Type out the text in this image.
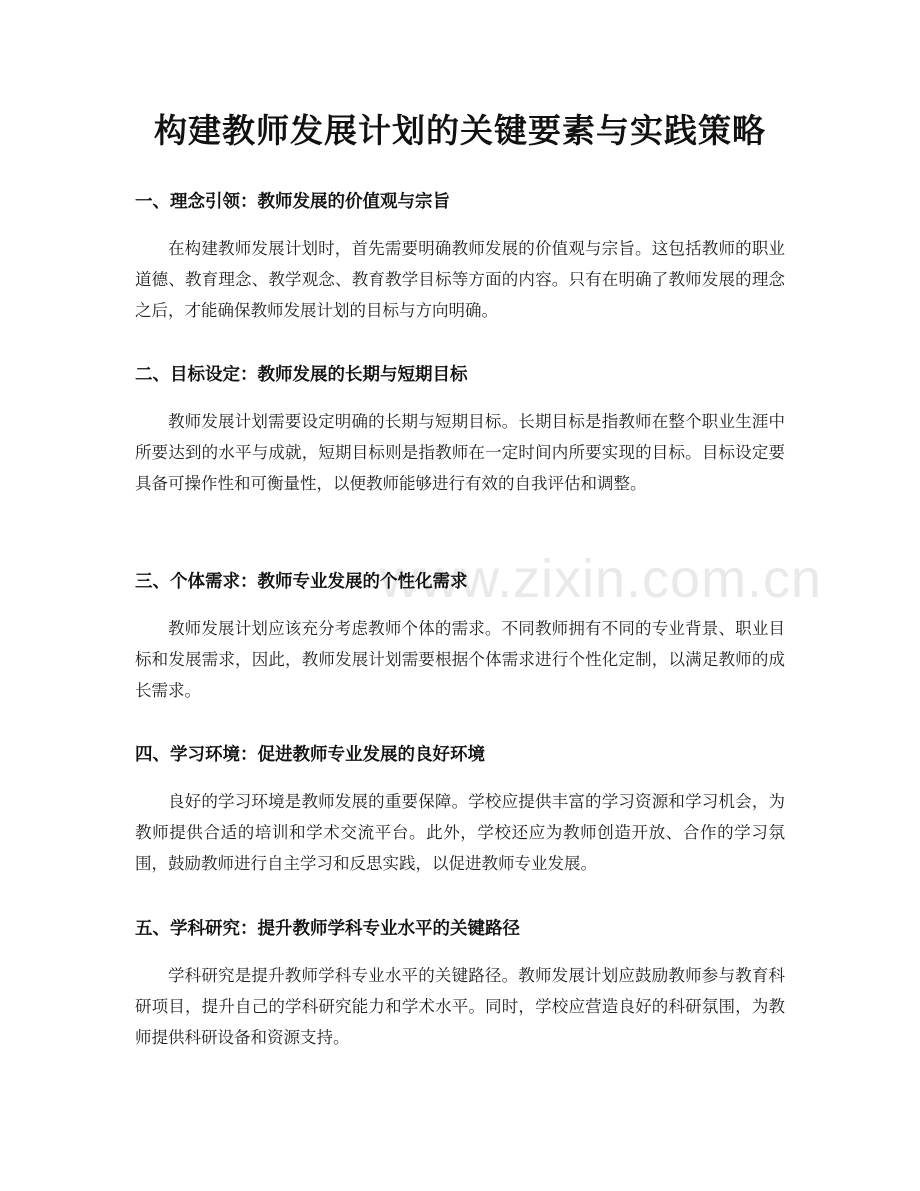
www.zixin.com.cn
构建教师发展计划的关键要素与实践策略
一、理念引领：教师发展的价值观与宗旨

在构建教师发展计划时，首先需要明确教师发展的价值观与宗旨。这包括教师的职业道德、教育理念、教学观念、教育教学目标等方面的内容。只有在明确了教师发展的理念之后，才能确保教师发展计划的目标与方向明确。

二、目标设定：教师发展的长期与短期目标

教师发展计划需要设定明确的长期与短期目标。长期目标是指教师在整个职业生涯中所要达到的水平与成就，短期目标则是指教师在一定时间内所要实现的目标。目标设定要具备可操作性和可衡量性，以便教师能够进行有效的自我评估和调整。

三、个体需求：教师专业发展的个性化需求

教师发展计划应该充分考虑教师个体的需求。不同教师拥有不同的专业背景、职业目标和发展需求，因此，教师发展计划需要根据个体需求进行个性化定制，以满足教师的成长需求。

四、学习环境：促进教师专业发展的良好环境

良好的学习环境是教师发展的重要保障。学校应提供丰富的学习资源和学习机会，为教师提供合适的培训和学术交流平台。此外，学校还应为教师创造开放、合作的学习氛围，鼓励教师进行自主学习和反思实践，以促进教师专业发展。

五、学科研究：提升教师学科专业水平的关键路径

学科研究是提升教师学科专业水平的关键路径。教师发展计划应鼓励教师参与教育科研项目，提升自己的学科研究能力和学术水平。同时，学校应营造良好的科研氛围，为教师提供科研设备和资源支持。
